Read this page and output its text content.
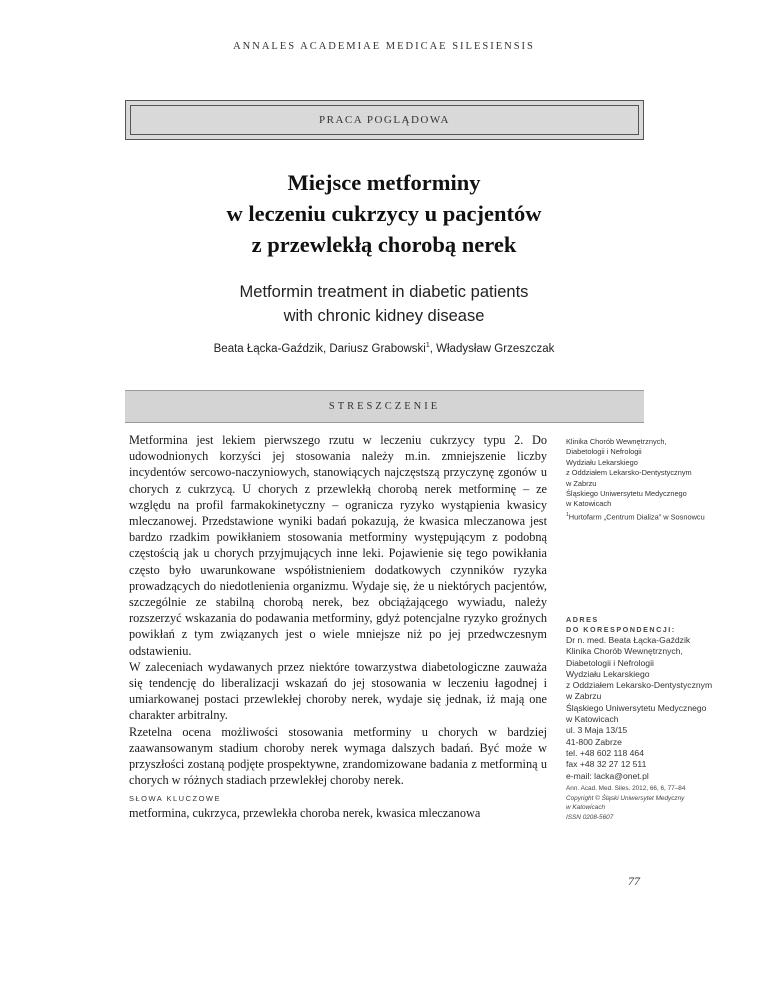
ANNALES ACADEMIAE MEDICAE SILESIENSIS
PRACA POGLĄDOWA
Miejsce metforminy
w leczeniu cukrzycy u pacjentów
z przewlekłą chorobą nerek
Metformin treatment in diabetic patients
with chronic kidney disease
Beata Łącka-Gaździk, Dariusz Grabowski$^1$, Władysław Grzeszczak
STRESZCZENIE

Metformina jest lekiem pierwszego rzutu w leczeniu cukrzycy typu 2. Do udowodnionych korzyści jej stosowania należy m.in. zmniejszenie liczby incydentów sercowo-naczyniowych, stanowiących najczęstszą przyczynę zgonów u chorych z cukrzycą. U chorych z przewlekłą chorobą nerek metforminę – ze względu na profil farmakokinetyczny – ogranicza ryzyko wystąpienia kwasicy mleczanowej. Przedstawione wyniki badań pokazują, że kwasica mleczanowa jest bardzo rzadkim powikłaniem stosowania metforminy występującym z podobną częstością jak u chorych przyjmujących inne leki. Pojawienie się tego powikłania często było uwarunkowane współistnieniem dodatkowych czynników ryzyka prowadzących do niedotlenienia organizmu. Wydaje się, że u niektórych pacjentów, szczególnie ze stabilną chorobą nerek, bez obciążającego wywiadu, należy rozszerzyć wskazania do podawania metforminy, gdyż potencjalne ryzyko groźnych powikłań z tym związanych jest o wiele mniejsze niż po jej przedwczesnym odstawieniu.

W zaleceniach wydawanych przez niektóre towarzystwa diabetologiczne zauważa się tendencję do liberalizacji wskazań do jej stosowania w leczeniu łagodnej i umiarkowanej postaci przewlekłej choroby nerek, wydaje się jednak, iż mają one charakter arbitralny.

Rzetelna ocena możliwości stosowania metforminy u chorych w bardziej zaawansowanym stadium choroby nerek wymaga dalszych badań. Być może w przyszłości zostaną podjęte prospektywne, zrandomizowane badania z metforminą u chorych w różnych stadiach przewlekłej choroby nerek.

SŁOWA KLUCZOWE
metformina, cukrzyca, przewlekła choroba nerek, kwasica mleczanowa
Klinika Chorób Wewnętrznych,
Diabetologii i Nefrologii
Wydziału Lekarskiego
z Oddziałem Lekarsko-Dentystycznym
w Zabrzu
Śląskiego Uniwersytetu Medycznego
w Katowicach
$^1$Hurtofarm „Centrum Dializa” w Sosnowcu
ADRES
DO KORESPONDENCJI:
Dr n. med. Beata Łącka-Gaździk
Klinika Chorób Wewnętrznych,
Diabetologii i Nefrologii
Wydziału Lekarskiego
z Oddziałem Lekarsko-Dentystycznym
w Zabrzu
Śląskiego Uniwersytetu Medycznego
w Katowicach
ul. 3 Maja 13/15
41-800 Zabrze
tel. +48 602 118 464
fax +48 32 27 12 511
e-mail: lacka@onet.pl
Ann. Acad. Med. Siles. 2012, 66, 6, 77–84
Copyright © Śląski Uniwersytet Medyczny
w Katowicach
ISSN 0208-5607
77
